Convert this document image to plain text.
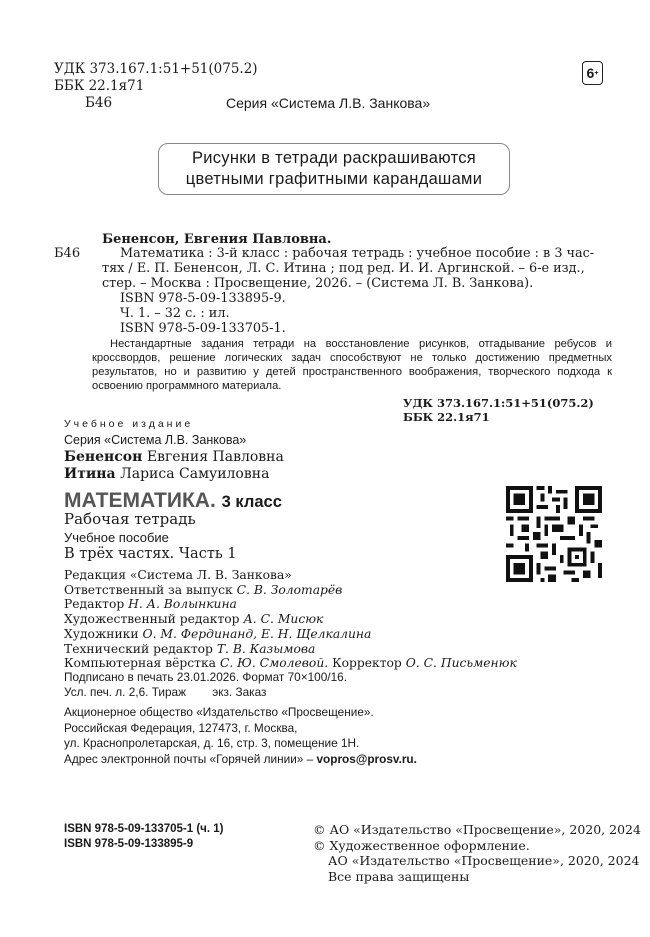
УДК 373.167.1:51+51(075.2)
ББК 22.1я71
Б46	Серия «Система Л.В. Занкова»
6 +
Рисунки в тетради раскрашиваются
цветными графитными карандашами
Бененсон, Евгения Павловна.
Б46	Математика : 3-й класс : рабочая тетрадь : учебное пособие : в 3 час-
тях / Е. П. Бененсон, Л. С. Итина ; под ред. И. И. Аргинской. – 6-е изд.,
стер. – Москва : Просвещение, 2026. – (Система Л. В. Занкова).
ISBN 978-5-09-133895-9.
Ч. 1. – 32 с. : ил.
ISBN 978-5-09-133705-1.

Нестандартные задания тетради на восстановление рисунков, отгадывание ребусов и кроссвордов, решение логических задач способствуют не только достижению предметных результатов, но и развитию у детей пространственного воображения, творческого подхода к освоению программного материала.

УДК 373.167.1:51+51(075.2)
ББК 22.1я71
Учебное издание
Серия «Система Л.В. Занкова»
Бененсон Евгения Павловна
Итина Лариса Самуиловна
МАТЕМАТИКА. 3 класс
Рабочая тетрадь
Учебное пособие
В трёх частях. Часть 1
Редакция «Система Л. В. Занкова»
Ответственный за выпуск С. В. Золотарёв
Редактор Н. А. Волынкина
Художественный редактор А. С. Мисюк
Художники О. М. Фердинанд, Е. Н. Щелкалина
Технический редактор Т. В. Казымова
Компьютерная вёрстка С. Ю. Смолевой. Корректор О. С. Письменюк
Подписано в печать 23.01.2026. Формат 70×100/16.
Усл. печ. л. 2,6. Тираж        экз. Заказ
Акционерное общество «Издательство «Просвещение».
Российская Федерация, 127473, г. Москва,
ул. Краснопролетарская, д. 16, стр. 3, помещение 1Н.
Адрес электронной почты «Горячей линии» – vopros@prosv.ru.
ISBN 978-5-09-133705-1 (ч. 1)
ISBN 978-5-09-133895-9
© АО «Издательство «Просвещение», 2020, 2024
© Художественное оформление.
АО «Издательство «Просвещение», 2020, 2024
Все права защищены
